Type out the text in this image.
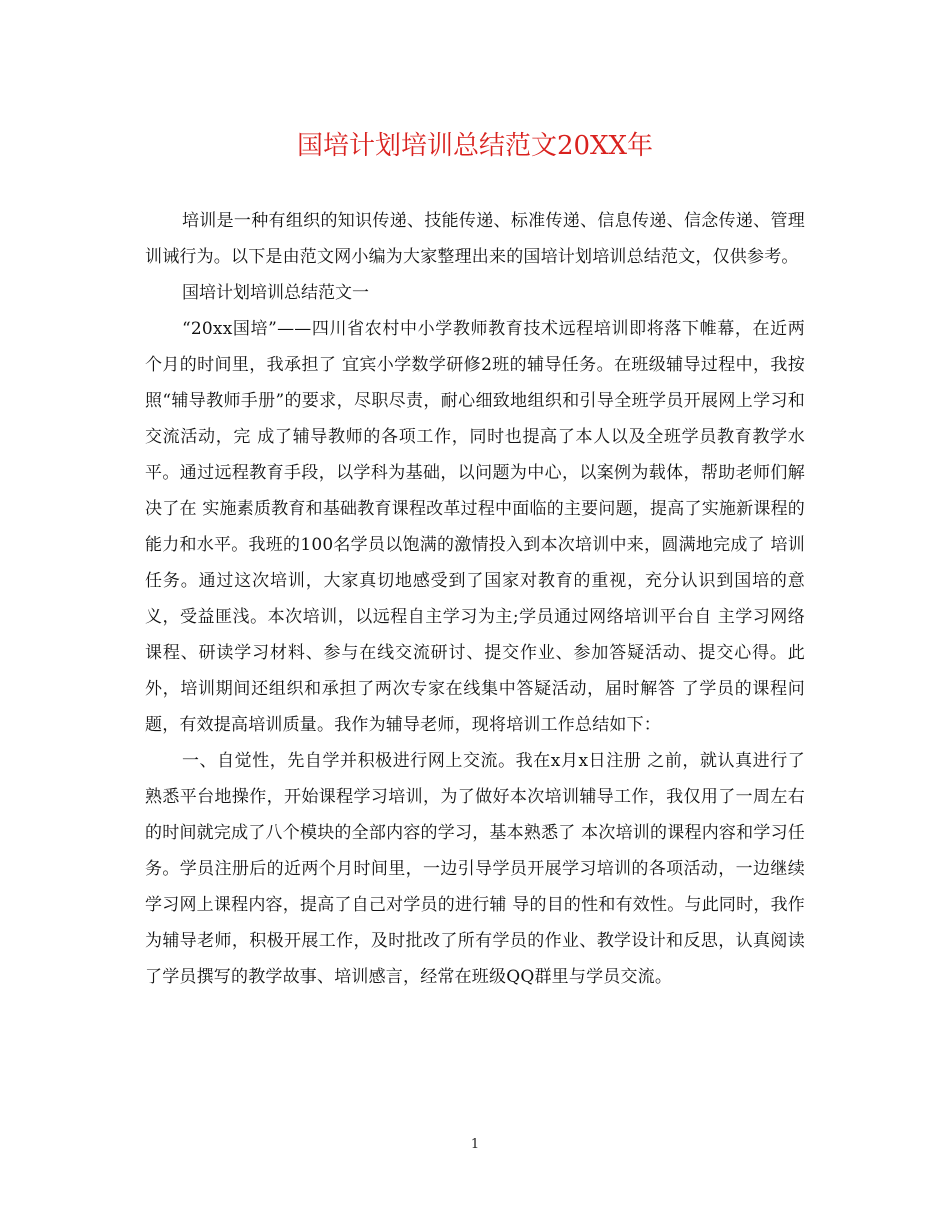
国培计划培训总结范文20XX年

培训是一种有组织的知识传递、技能传递、标准传递、信息传递、信念传递、管理训诫行为。以下是由范文网小编为大家整理出来的国培计划培训总结范文，仅供参考。

国培计划培训总结范文一

“20xx国培”——四川省农村中小学教师教育技术远程培训即将落下帷幕，在近两个月的时间里，我承担了 宜宾小学数学研修2班的辅导任务。在班级辅导过程中，我按照“辅导教师手册”的要求，尽职尽责，耐心细致地组织和引导全班学员开展网上学习和交流活动，完 成了辅导教师的各项工作，同时也提高了本人以及全班学员教育教学水平。通过远程教育手段，以学科为基础，以问题为中心，以案例为载体，帮助老师们解决了在 实施素质教育和基础教育课程改革过程中面临的主要问题，提高了实施新课程的能力和水平。我班的100名学员以饱满的激情投入到本次培训中来，圆满地完成了 培训任务。通过这次培训，大家真切地感受到了国家对教育的重视，充分认识到国培的意义，受益匪浅。本次培训，以远程自主学习为主;学员通过网络培训平台自 主学习网络课程、研读学习材料、参与在线交流研讨、提交作业、参加答疑活动、提交心得。此外，培训期间还组织和承担了两次专家在线集中答疑活动，届时解答 了学员的课程问题，有效提高培训质量。我作为辅导老师，现将培训工作总结如下：

一、自觉性，先自学并积极进行网上交流。我在x月x日注册 之前，就认真进行了熟悉平台地操作，开始课程学习培训，为了做好本次培训辅导工作，我仅用了一周左右的时间就完成了八个模块的全部内容的学习，基本熟悉了 本次培训的课程内容和学习任务。学员注册后的近两个月时间里，一边引导学员开展学习培训的各项活动，一边继续学习网上课程内容，提高了自己对学员的进行辅 导的目的性和有效性。与此同时，我作为辅导老师，积极开展工作，及时批改了所有学员的作业、教学设计和反思，认真阅读了学员撰写的教学故事、培训感言，经常在班级QQ群里与学员交流。

1
